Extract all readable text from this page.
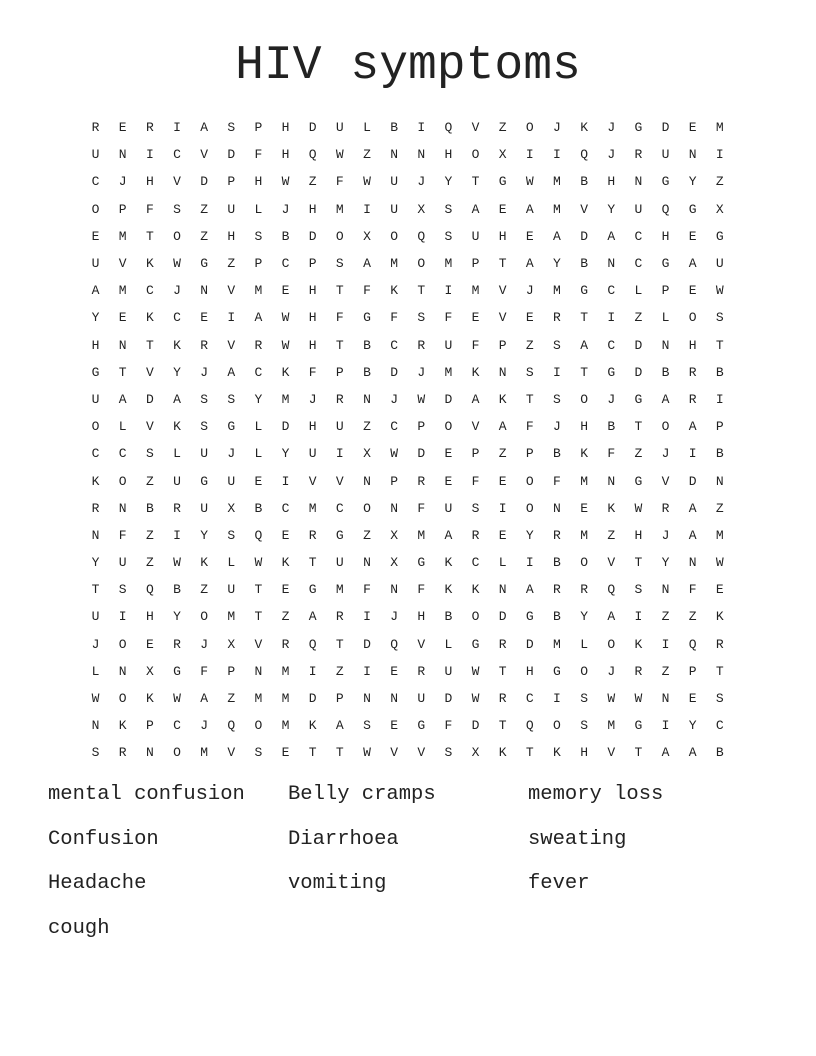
HIV symptoms
R	E	R	I	A	S	P	H	D	U	L	B	I	Q	V	Z	O	J	K	J	G	D	E	M
U	N	I	C	V	D	F	H	Q	W	Z	N	N	H	O	X	I	I	Q	J	R	U	N	I
C	J	H	V	D	P	H	W	Z	F	W	U	J	Y	T	G	W	M	B	H	N	G	Y	Z
O	P	F	S	Z	U	L	J	H	M	I	U	X	S	A	E	A	M	V	Y	U	Q	G	X
E	M	T	O	Z	H	S	B	D	O	X	O	Q	S	U	H	E	A	D	A	C	H	E	G
U	V	K	W	G	Z	P	C	P	S	A	M	O	M	P	T	A	Y	B	N	C	G	A	U
A	M	C	J	N	V	M	E	H	T	F	K	T	I	M	V	J	M	G	C	L	P	E	W
Y	E	K	C	E	I	A	W	H	F	G	F	S	F	E	V	E	R	T	I	Z	L	O	S
H	N	T	K	R	V	R	W	H	T	B	C	R	U	F	P	Z	S	A	C	D	N	H	T
G	T	V	Y	J	A	C	K	F	P	B	D	J	M	K	N	S	I	T	G	D	B	R	B
U	A	D	A	S	S	Y	M	J	R	N	J	W	D	A	K	T	S	O	J	G	A	R	I
O	L	V	K	S	G	L	D	H	U	Z	C	P	O	V	A	F	J	H	B	T	O	A	P
C	C	S	L	U	J	L	Y	U	I	X	W	D	E	P	Z	P	B	K	F	Z	J	I	B
K	O	Z	U	G	U	E	I	V	V	N	P	R	E	F	E	O	F	M	N	G	V	D	N
R	N	B	R	U	X	B	C	M	C	O	N	F	U	S	I	O	N	E	K	W	R	A	Z
N	F	Z	I	Y	S	Q	E	R	G	Z	X	M	A	R	E	Y	R	M	Z	H	J	A	M
Y	U	Z	W	K	L	W	K	T	U	N	X	G	K	C	L	I	B	O	V	T	Y	N	W
T	S	Q	B	Z	U	T	E	G	M	F	N	F	K	K	N	A	R	R	Q	S	N	F	E
U	I	H	Y	O	M	T	Z	A	R	I	J	H	B	O	D	G	B	Y	A	I	Z	Z	K
J	O	E	R	J	X	V	R	Q	T	D	Q	V	L	G	R	D	M	L	O	K	I	Q	R
L	N	X	G	F	P	N	M	I	Z	I	E	R	U	W	T	H	G	O	J	R	Z	P	T
W	O	K	W	A	Z	M	M	D	P	N	N	U	D	W	R	C	I	S	W	W	N	E	S
N	K	P	C	J	Q	O	M	K	A	S	E	G	F	D	T	Q	O	S	M	G	I	Y	C
S	R	N	O	M	V	S	E	T	T	W	V	V	S	X	K	T	K	H	V	T	A	A	B
mental confusion	Belly cramps	memory loss
Confusion	Diarrhoea	sweating
Headache	vomiting	fever
cough
